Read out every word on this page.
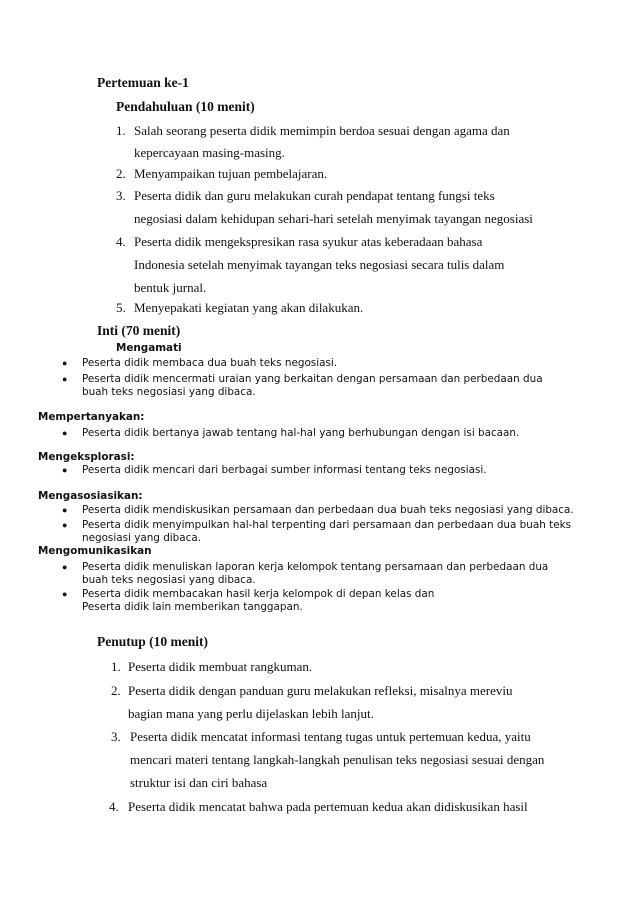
Pertemuan ke-1
Pendahuluan (10 menit)
1. Salah seorang peserta didik memimpin berdoa sesuai dengan agama dan
kepercayaan masing-masing.
2. Menyampaikan tujuan pembelajaran.
3. Peserta didik dan guru melakukan curah pendapat tentang fungsi teks
negosiasi dalam kehidupan sehari-hari setelah menyimak tayangan negosiasi
4. Peserta didik mengekspresikan rasa syukur atas keberadaan bahasa
Indonesia setelah menyimak tayangan teks negosiasi secara tulis dalam
bentuk jurnal.
5. Menyepakati kegiatan yang akan dilakukan.
Inti (70 menit)
Mengamati
● Peserta didik membaca dua buah teks negosiasi.
● Peserta didik mencermati uraian yang berkaitan dengan persamaan dan perbedaan dua
buah teks negosiasi yang dibaca.
Mempertanyakan:
● Peserta didik bertanya jawab tentang hal-hal yang berhubungan dengan isi bacaan.
Mengeksplorasi:
● Peserta didik mencari dari berbagai sumber informasi tentang teks negosiasi.
Mengasosiasikan:
● Peserta didik mendiskusikan persamaan dan perbedaan dua buah teks negosiasi yang dibaca.
● Peserta didik menyimpulkan hal-hal terpenting dari persamaan dan perbedaan dua buah teks
negosiasi yang dibaca.
Mengomunikasikan
● Peserta didik menuliskan laporan kerja kelompok tentang persamaan dan perbedaan dua
buah teks negosiasi yang dibaca.
● Peserta didik membacakan hasil kerja kelompok di depan kelas dan
Peserta didik lain memberikan tanggapan.
Penutup (10 menit)
1. Peserta didik membuat rangkuman.
2. Peserta didik dengan panduan guru melakukan refleksi, misalnya mereviu
bagian mana yang perlu dijelaskan lebih lanjut.
3. Peserta didik mencatat informasi tentang tugas untuk pertemuan kedua, yaitu
mencari materi tentang langkah-langkah penulisan teks negosiasi sesuai dengan
struktur isi dan ciri bahasa
4. Peserta didik mencatat bahwa pada pertemuan kedua akan didiskusikan hasil
